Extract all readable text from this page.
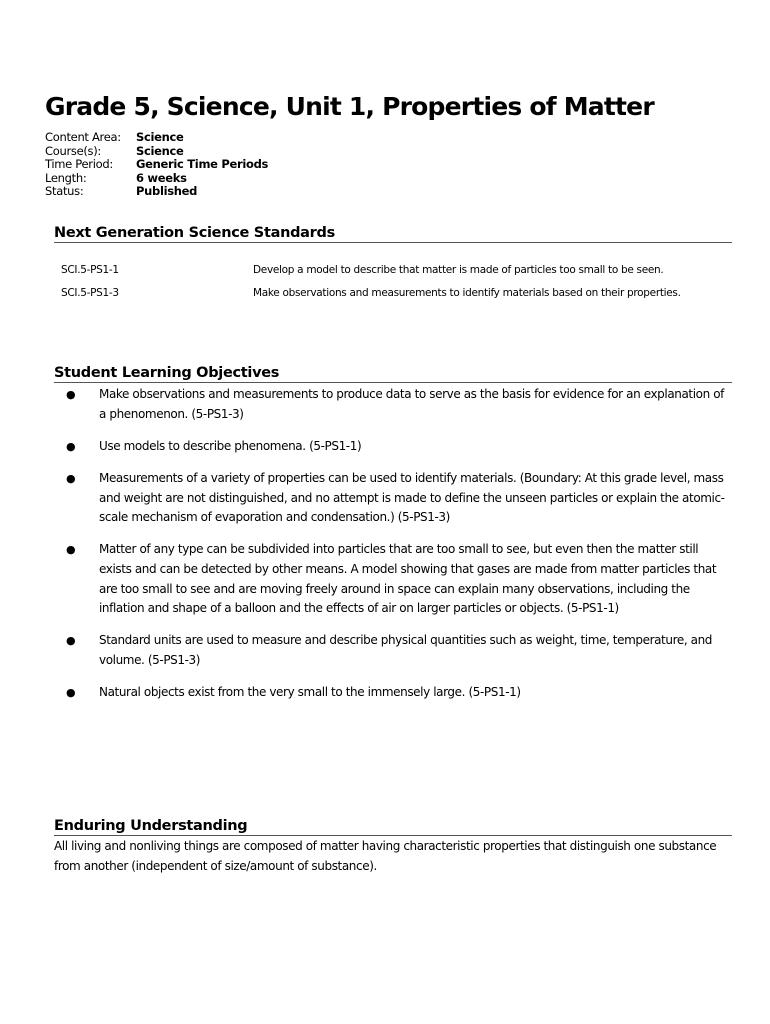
Grade 5, Science, Unit 1, Properties of Matter
Content Area:	Science
Course(s):	Science
Time Period:	Generic Time Periods
Length:	6 weeks
Status:	Published
Next Generation Science Standards
SCI.5-PS1-1	Develop a model to describe that matter is made of particles too small to be seen.
SCI.5-PS1-3	Make observations and measurements to identify materials based on their properties.
Student Learning Objectives
●	Make observations and measurements to produce data to serve as the basis for evidence for an explanation of a phenomenon. (5-PS1-3)
●	Use models to describe phenomena. (5-PS1-1)
●	Measurements of a variety of properties can be used to identify materials. (Boundary: At this grade level, mass and weight are not distinguished, and no attempt is made to define the unseen particles or explain the atomic-scale mechanism of evaporation and condensation.) (5-PS1-3)
●	Matter of any type can be subdivided into particles that are too small to see, but even then the matter still exists and can be detected by other means. A model showing that gases are made from matter particles that are too small to see and are moving freely around in space can explain many observations, including the inflation and shape of a balloon and the effects of air on larger particles or objects. (5-PS1-1)
●	Standard units are used to measure and describe physical quantities such as weight, time, temperature, and volume. (5-PS1-3)
●	Natural objects exist from the very small to the immensely large. (5-PS1-1)
Enduring Understanding
All living and nonliving things are composed of matter having characteristic properties that distinguish one substance from another (independent of size/amount of substance).
